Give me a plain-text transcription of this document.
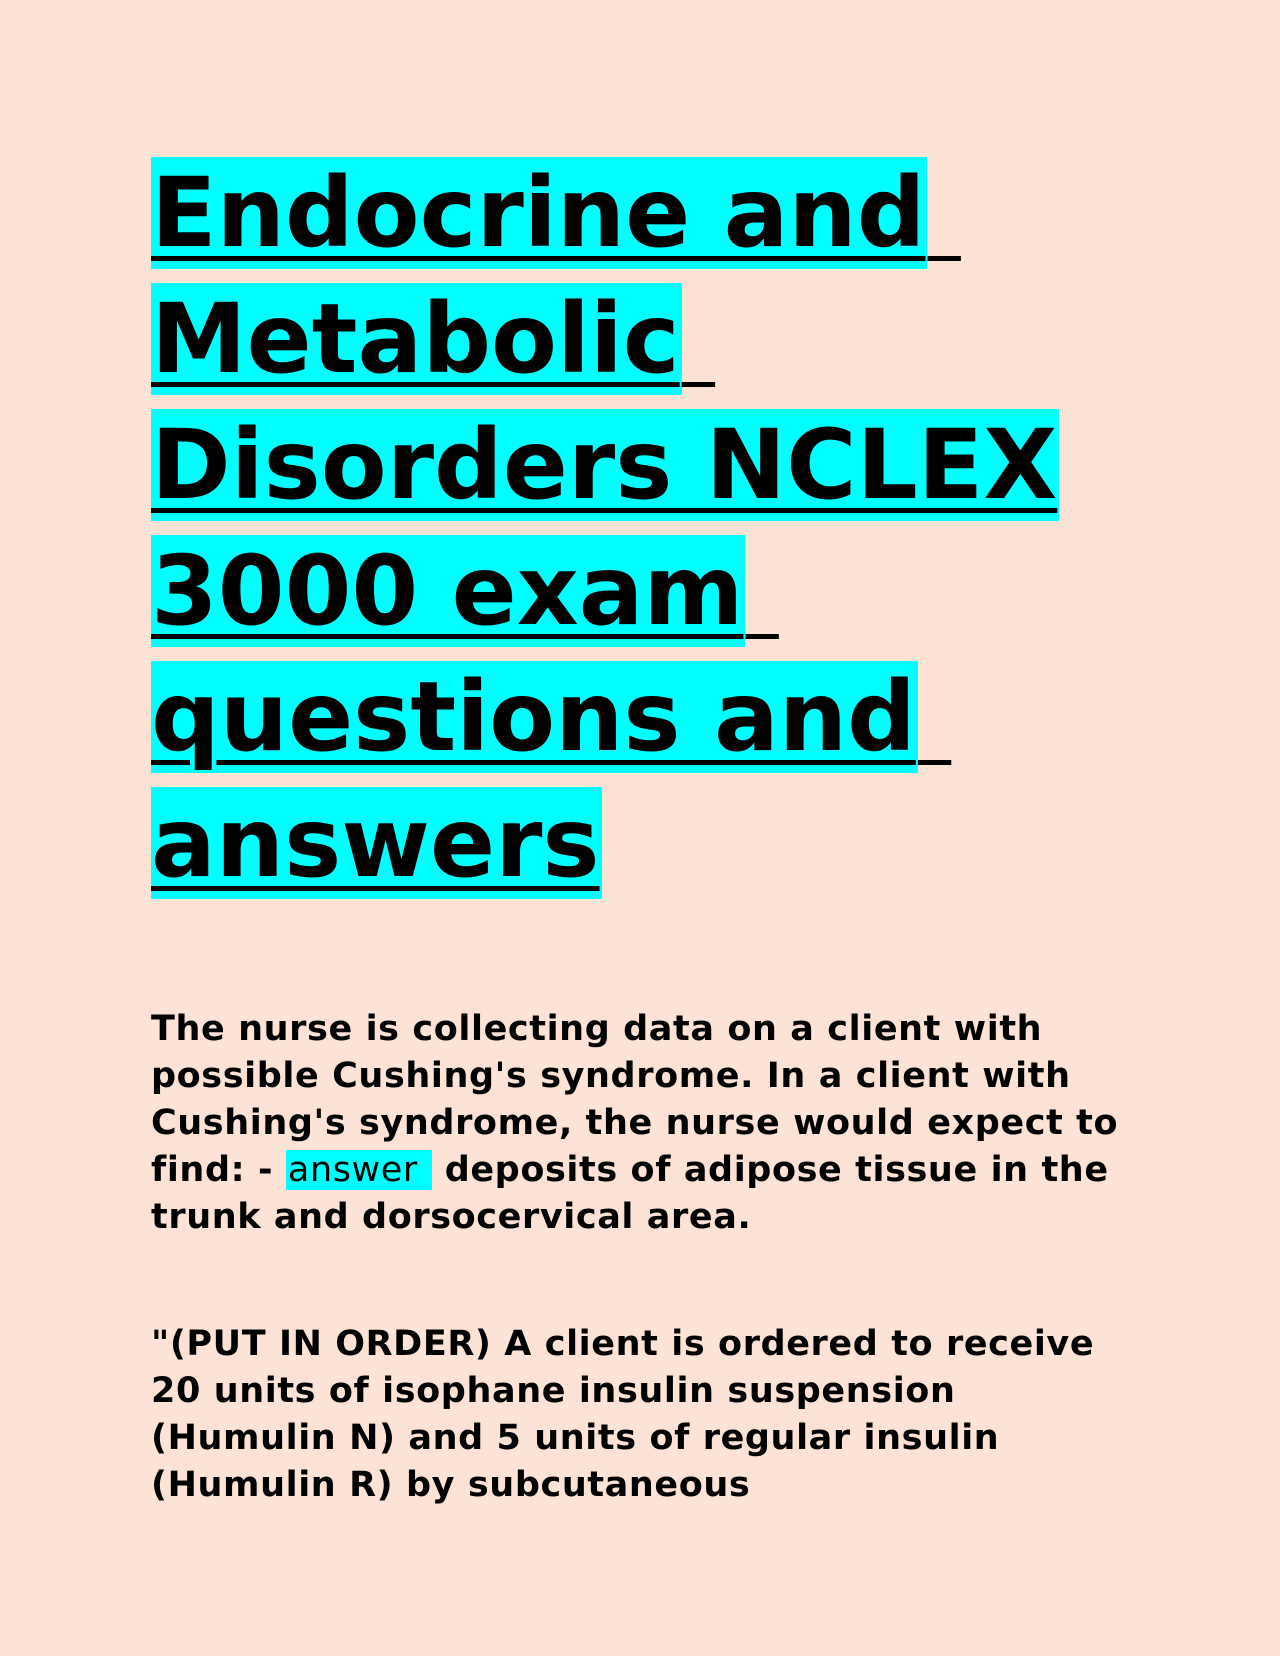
Endocrine and
Metabolic
Disorders NCLEX
3000 exam
questions and
answers

The nurse is collecting data on a client with possible Cushing's syndrome. In a client with Cushing's syndrome, the nurse would expect to find: - answer deposits of adipose tissue in the trunk and dorsocervical area.

"(PUT IN ORDER) A client is ordered to receive 20 units of isophane insulin suspension (Humulin N) and 5 units of regular insulin (Humulin R) by subcutaneous
